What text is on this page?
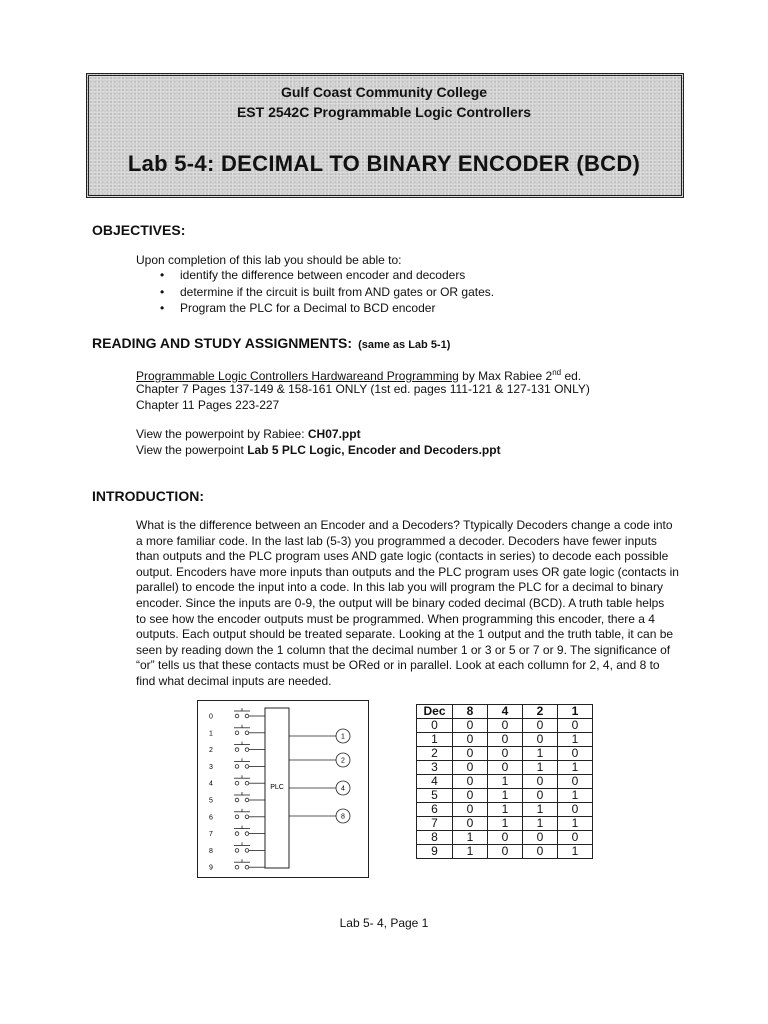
Gulf Coast Community College
EST 2542C Programmable Logic Controllers
Lab 5-4: DECIMAL TO BINARY ENCODER (BCD)
OBJECTIVES:
Upon completion of this lab you should be able to:
• identify the difference between encoder and decoders
• determine if the circuit is built from AND gates or OR gates.
• Program the PLC for a Decimal to BCD encoder
READING AND STUDY ASSIGNMENTS: (same as Lab 5-1)
Programmable Logic Controllers Hardwareand Programming by Max Rabiee 2nd ed.
Chapter 7 Pages 137-149 & 158-161 ONLY (1st ed. pages 111-121 & 127-131 ONLY)
Chapter 11 Pages 223-227
View the powerpoint by Rabiee: CH07.ppt
View the powerpoint Lab 5 PLC Logic, Encoder and Decoders.ppt
INTRODUCTION:
What is the difference between an Encoder and a Decoders? Ttypically Decoders change a code into
a more familiar code. In the last lab (5-3) you programmed a decoder. Decoders have fewer inputs
than outputs and the PLC program uses AND gate logic (contacts in series) to decode each possible
output. Encoders have more inputs than outputs and the PLC program uses OR gate logic (contacts in
parallel) to encode the input into a code. In this lab you will program the PLC for a decimal to binary
encoder. Since the inputs are 0-9, the output will be binary coded decimal (BCD). A truth table helps
to see how the encoder outputs must be programmed. When programming this encoder, there a 4
outputs. Each output should be treated separate. Looking at the 1 output and the truth table, it can be
seen by reading down the 1 column that the decimal number 1 or 3 or 5 or 7 or 9. The significance of
“or” tells us that these contacts must be ORed or in parallel. Look at each collumn for 2, 4, and 8 to
find what decimal inputs are needed.
PLC
0
1
2
3
4
5
6
7
8
9
1
2
4
8
Dec	8	4	2	1
0	0	0	0	0
1	0	0	0	1
2	0	0	1	0
3	0	0	1	1
4	0	1	0	0
5	0	1	0	1
6	0	1	1	0
7	0	1	1	1
8	1	0	0	0
9	1	0	0	1
Lab 5- 4, Page 1
